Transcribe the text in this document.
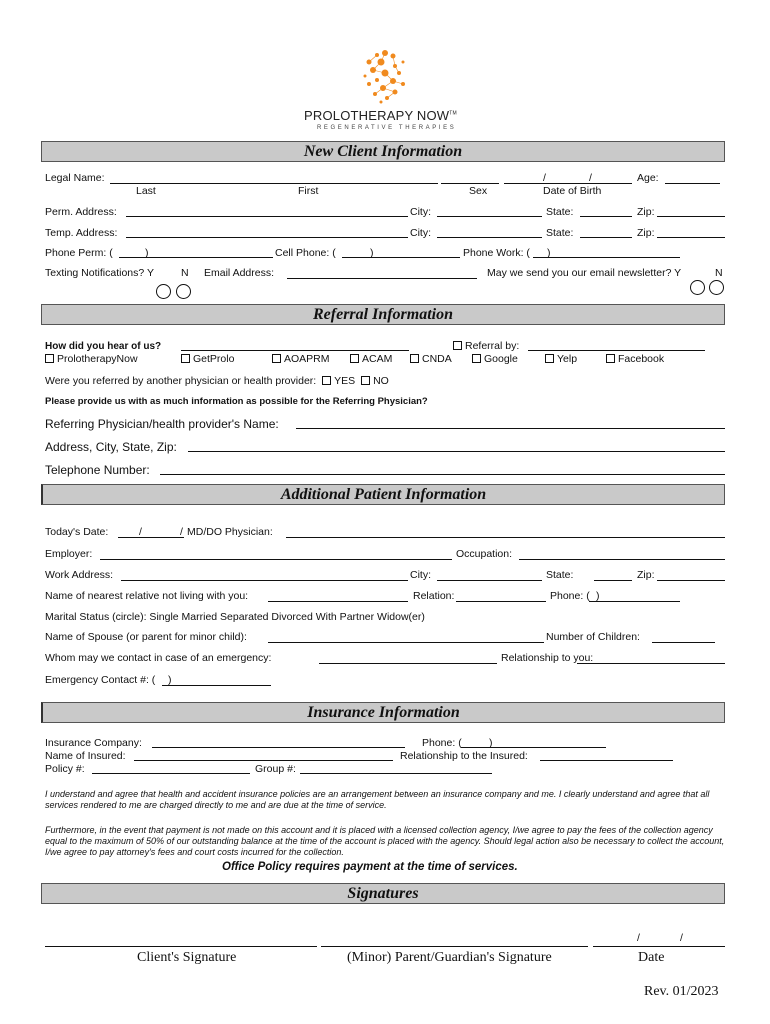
PROLOTHERAPY NOW™
REGENERATIVE THERAPIES
New Client Information
Legal Name:	/	/	Age:
Last	First	Sex	Date of Birth
Perm. Address:	City:	State:	Zip:
Temp. Address:	City:	State:	Zip:
Phone Perm: (	)	Cell Phone: (	)	Phone Work: ( )
Texting Notifications? Y	N Email Address:	May we send you our email newsletter? Y	N
Referral Information
How did you hear of us?	Referral by:
ProlotherapyNow	GetProlo	AOAPRM	ACAM	CNDA	Google	Yelp	Facebook
Were you referred by another physician or health provider: YES NO
Please provide us with as much information as possible for the Referring Physician?
Referring Physician/health provider's Name:
Address, City, State, Zip:
Telephone Number:
Additional Patient Information
Today's Date:	/	/ MD/DO Physician:
Employer:	Occupation:
Work Address:	City:	State:	Zip:
Name of nearest relative not living with you:	Relation:	Phone: ( )
Marital Status (circle): Single Married Separated Divorced With Partner Widow(er)
Name of Spouse (or parent for minor child):	Number of Children:
Whom may we contact in case of an emergency:	Relationship to you:
Emergency Contact #: ( )
Insurance Information
Insurance Company:	Phone: (	)
Name of Insured:	Relationship to the Insured:
Policy #:	Group #:
I understand and agree that health and accident insurance policies are an arrangement between an insurance company and me. I clearly understand and agree that all services rendered to me are charged directly to me and are due at the time of service.
Furthermore, in the event that payment is not made on this account and it is placed with a licensed collection agency, I/we agree to pay the fees of the collection agency equal to the maximum of 50% of our outstanding balance at the time of the account is placed with the agency. Should legal action also be necessary to collect the account, I/we agree to pay attorney's fees and court costs incurred for the collection.
Office Policy requires payment at the time of services.
Signatures
/	/
Client's Signature	(Minor) Parent/Guardian's Signature	Date
Rev. 01/2023
